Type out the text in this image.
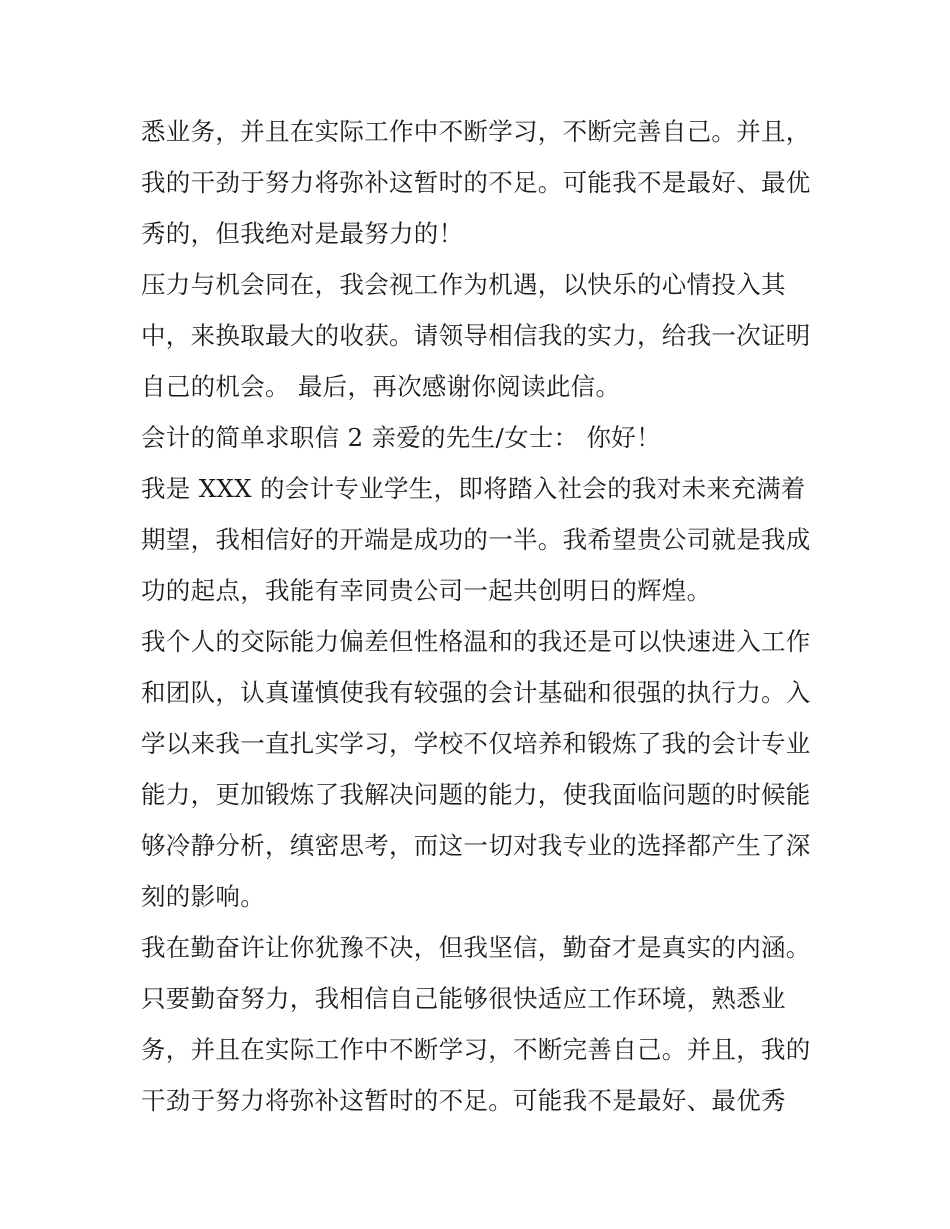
悉业务，并且在实际工作中不断学习，不断完善自己。并且，
我的干劲于努力将弥补这暂时的不足。可能我不是最好、最优
秀的，但我绝对是最努力的！
压力与机会同在，我会视工作为机遇，以快乐的心情投入其
中，来换取最大的收获。请领导相信我的实力，给我一次证明
自己的机会。 最后，再次感谢你阅读此信。
会计的简单求职信 2 亲爱的先生/女士： 你好！
我是 XXX 的会计专业学生，即将踏入社会的我对未来充满着
期望，我相信好的开端是成功的一半。我希望贵公司就是我成
功的起点，我能有幸同贵公司一起共创明日的辉煌。
我个人的交际能力偏差但性格温和的我还是可以快速进入工作
和团队，认真谨慎使我有较强的会计基础和很强的执行力。入
学以来我一直扎实学习，学校不仅培养和锻炼了我的会计专业
能力，更加锻炼了我解决问题的能力，使我面临问题的时候能
够冷静分析，缜密思考，而这一切对我专业的选择都产生了深
刻的影响。
我在勤奋许让你犹豫不决，但我坚信，勤奋才是真实的内涵。
只要勤奋努力，我相信自己能够很快适应工作环境，熟悉业
务，并且在实际工作中不断学习，不断完善自己。并且，我的
干劲于努力将弥补这暂时的不足。可能我不是最好、最优秀
